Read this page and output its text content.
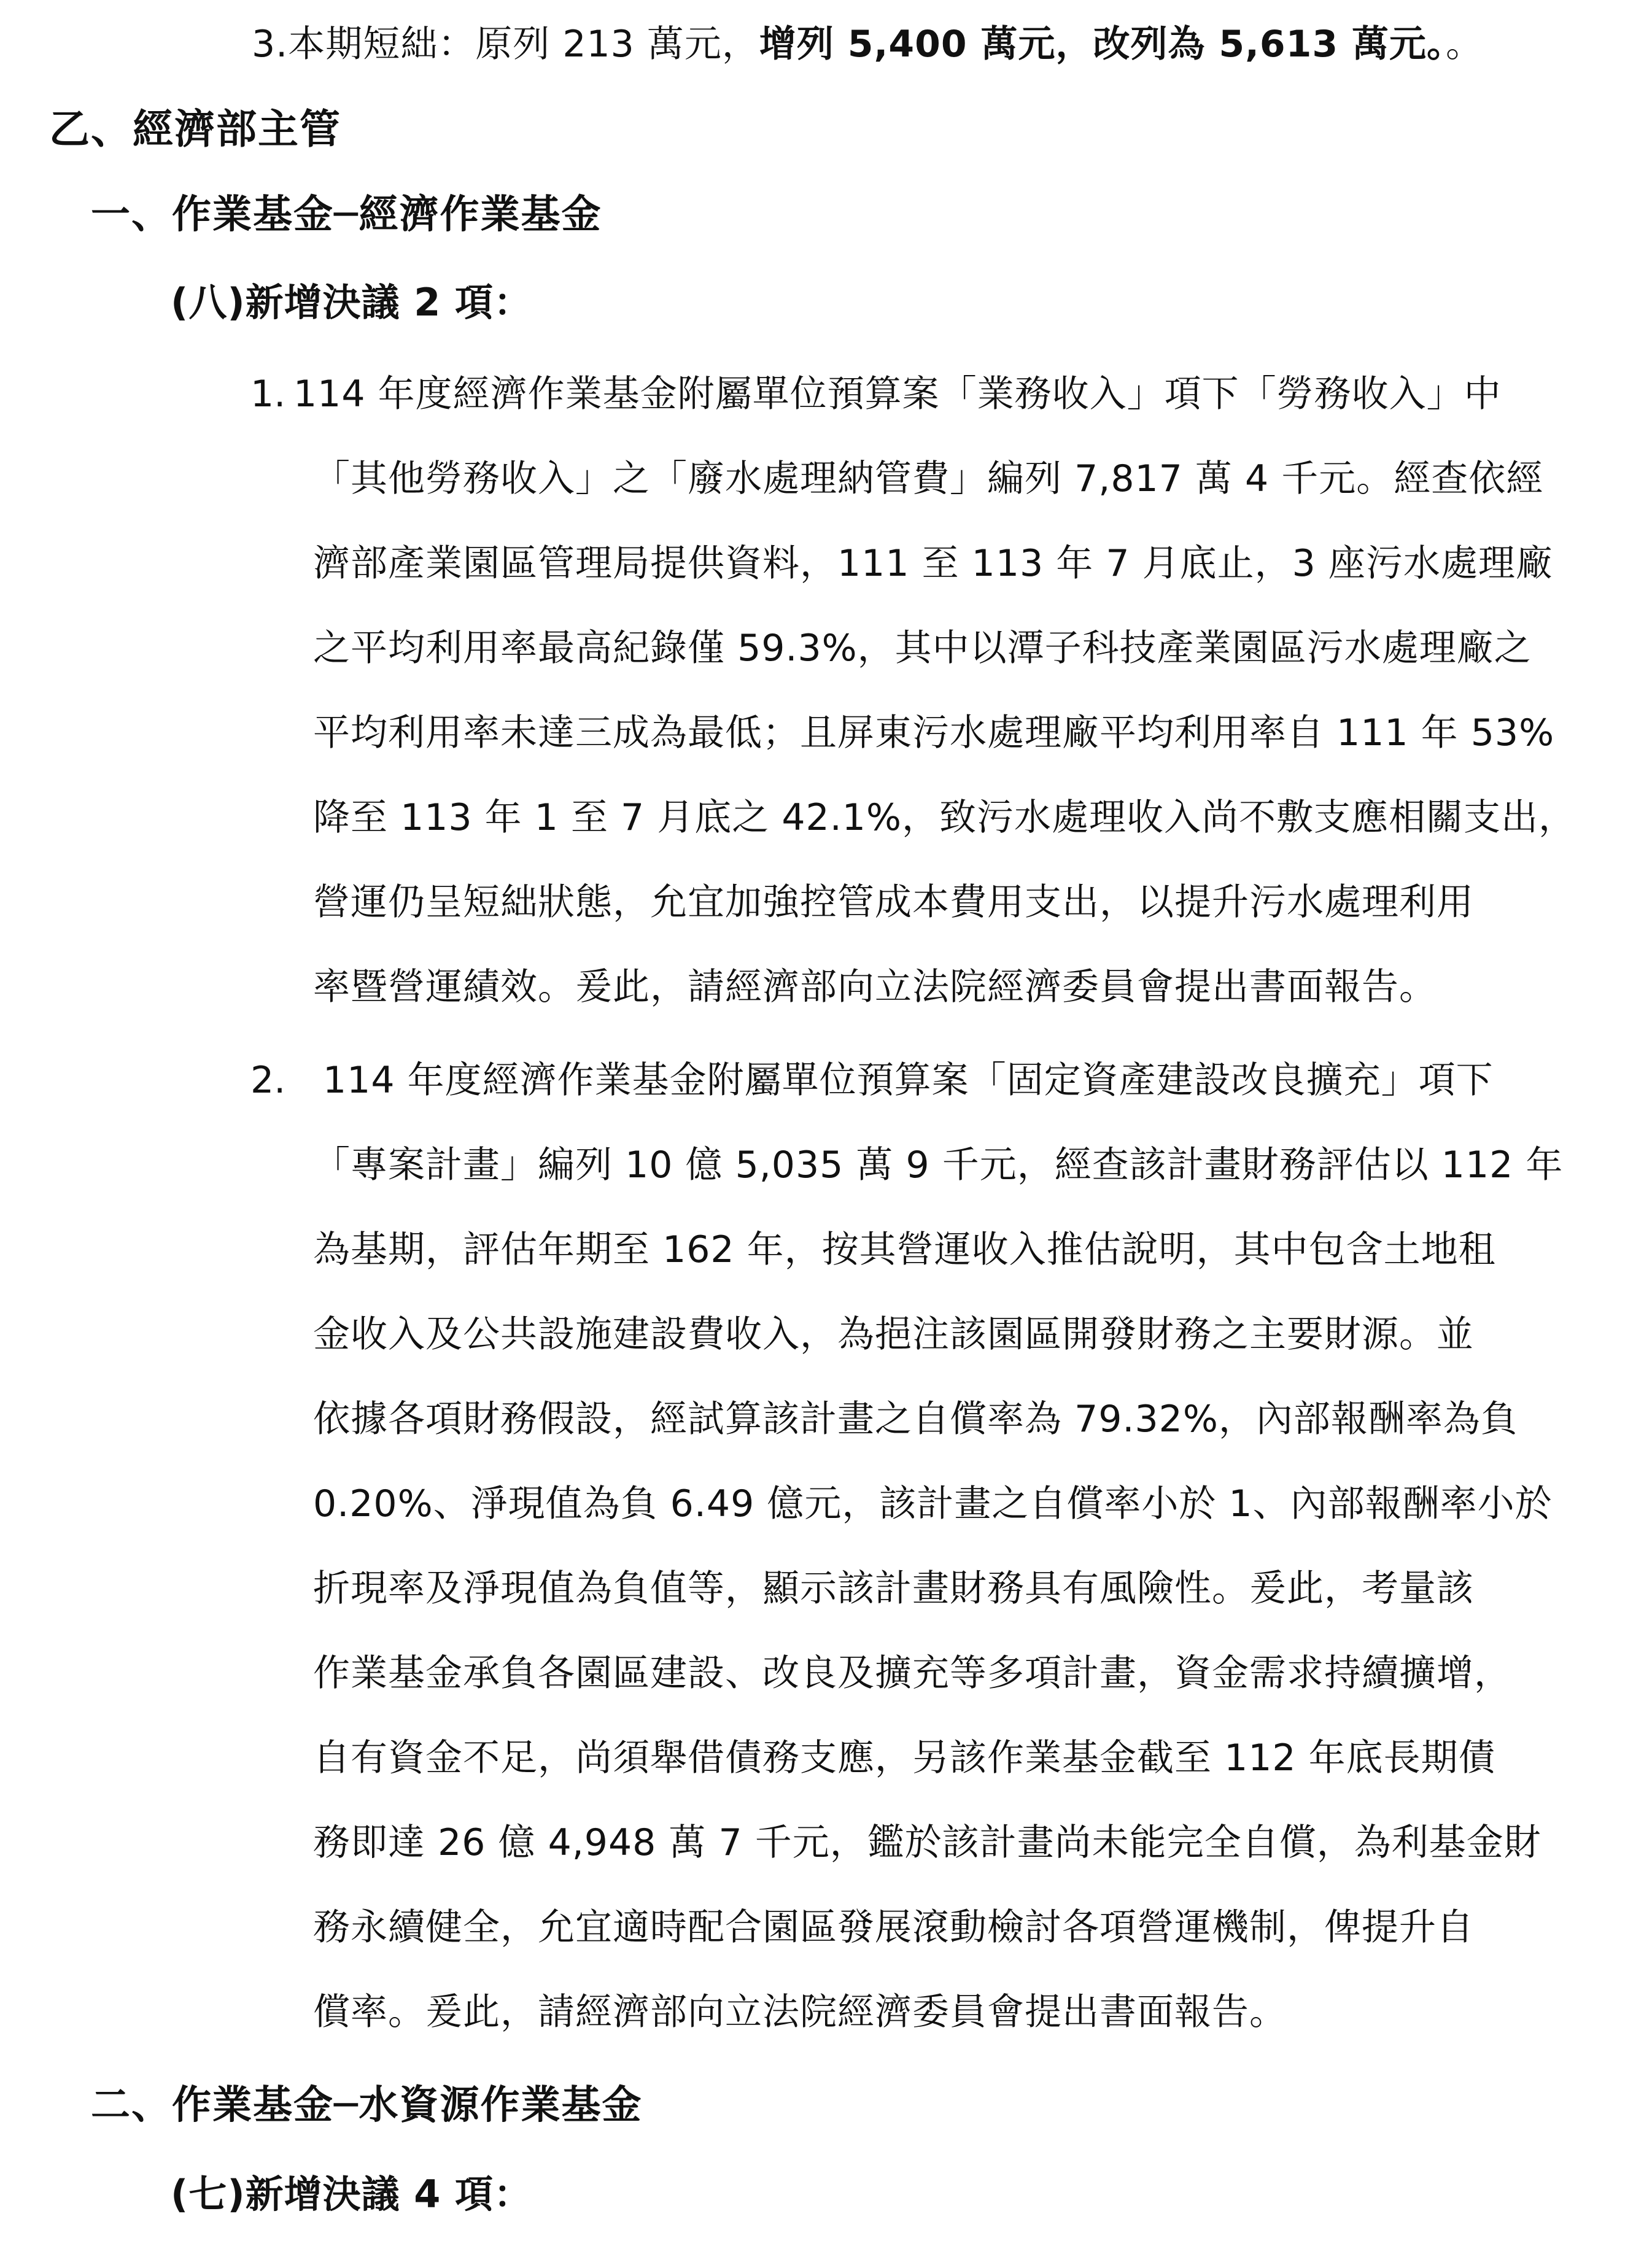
3.本期短絀：原列 213 萬元，增列 5,400 萬元，改列為 5,613 萬元。。
乙、經濟部主管
一、作業基金─經濟作業基金
(八)新增決議 2 項：
1. 114 年度經濟作業基金附屬單位預算案「業務收入」項下「勞務收入」中
「其他勞務收入」之「廢水處理納管費」編列 7,817 萬 4 千元。經查依經
濟部產業園區管理局提供資料，111 至 113 年 7 月底止，3 座污水處理廠
之平均利用率最高紀錄僅 59.3%，其中以潭子科技產業園區污水處理廠之
平均利用率未達三成為最低；且屏東污水處理廠平均利用率自 111 年 53%
降至 113 年 1 至 7 月底之 42.1%，致污水處理收入尚不敷支應相關支出，
營運仍呈短絀狀態，允宜加強控管成本費用支出，以提升污水處理利用
率暨營運績效。爰此，請經濟部向立法院經濟委員會提出書面報告。
2. 114 年度經濟作業基金附屬單位預算案「固定資產建設改良擴充」項下
「專案計畫」編列 10 億 5,035 萬 9 千元，經查該計畫財務評估以 112 年
為基期，評估年期至 162 年，按其營運收入推估說明，其中包含土地租
金收入及公共設施建設費收入，為挹注該園區開發財務之主要財源。並
依據各項財務假設，經試算該計畫之自償率為 79.32%，內部報酬率為負
0.20%、淨現值為負 6.49 億元，該計畫之自償率小於 1、內部報酬率小於
折現率及淨現值為負值等，顯示該計畫財務具有風險性。爰此，考量該
作業基金承負各園區建設、改良及擴充等多項計畫，資金需求持續擴增，
自有資金不足，尚須舉借債務支應，另該作業基金截至 112 年底長期債
務即達 26 億 4,948 萬 7 千元，鑑於該計畫尚未能完全自償，為利基金財
務永續健全，允宜適時配合園區發展滾動檢討各項營運機制，俾提升自
償率。爰此，請經濟部向立法院經濟委員會提出書面報告。
二、作業基金─水資源作業基金
(七)新增決議 4 項：
